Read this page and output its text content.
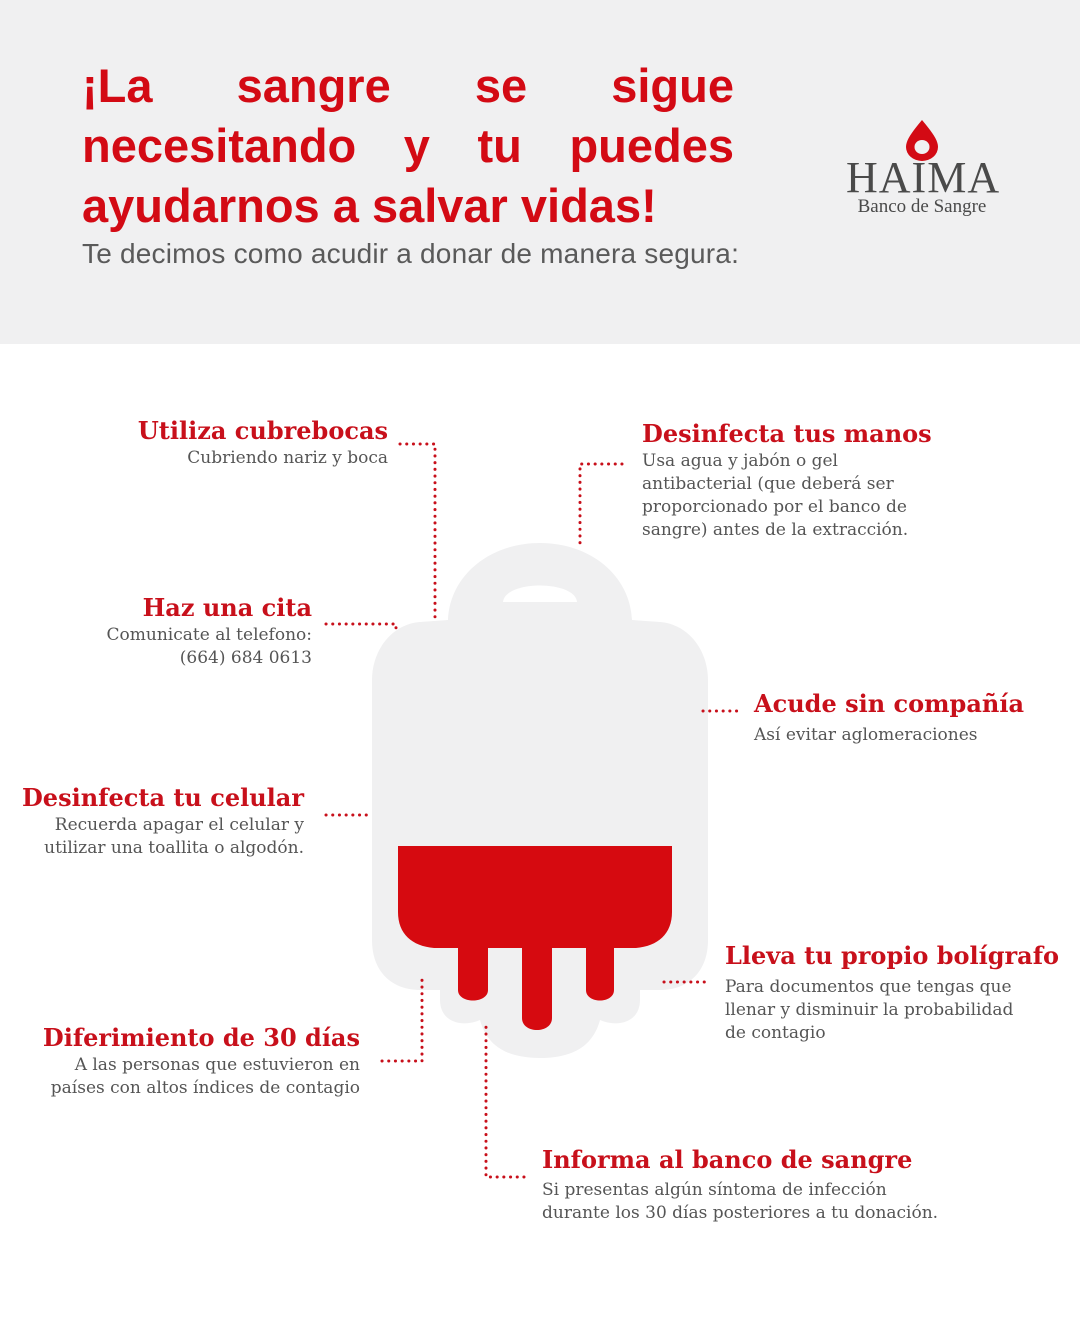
¡La sangre se sigue
necesitando y tu puedes
ayudarnos a salvar vidas!
Te decimos como acudir a donar de manera segura:
HAIMA
Banco de Sangre
Utiliza cubrebocas
Cubriendo nariz y boca
Desinfecta tus manos
Usa agua y jabón o gel
antibacterial (que deberá ser
proporcionado por el banco de
sangre) antes de la extracción.
Haz una cita
Comunicate al telefono:
(664) 684 0613
Acude sin compañía
Así evitar aglomeraciones
Desinfecta tu celular
Recuerda apagar el celular y
utilizar una toallita o algodón.
Lleva tu propio bolígrafo
Para documentos que tengas que
llenar y disminuir la probabilidad
de contagio
Diferimiento de 30 días
A las personas que estuvieron en
países con altos índices de contagio
Informa al banco de sangre
Si presentas algún síntoma de infección
durante los 30 días posteriores a tu donación.
